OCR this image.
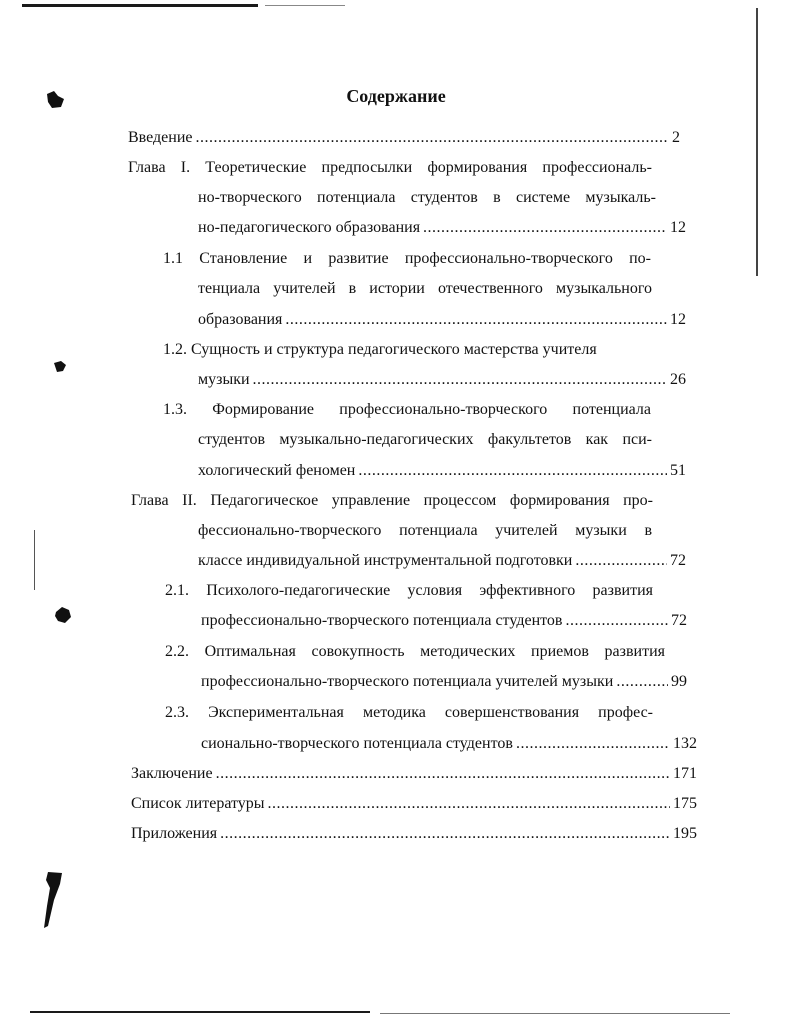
Содержание
Введение .....	2
Глава I. Теоретические предпосылки формирования профессиональ-
но-творческого потенциала студентов в системе музыкаль-
но-педагогического образования .....	12
1.1 Становление и развитие профессионально-творческого по-
тенциала учителей в истории отечественного музыкального
образования .....	12
1.2. Сущность и структура педагогического мастерства учителя
музыки .....	26
1.3. Формирование профессионально-творческого потенциала
студентов музыкально-педагогических факультетов как пси-
хологический феномен .....	51
Глава II. Педагогическое управление процессом формирования про-
фессионально-творческого потенциала учителей музыки в
классе индивидуальной инструментальной подготовки .....	72
2.1. Психолого-педагогические условия эффективного развития
профессионально-творческого потенциала студентов .....	72
2.2. Оптимальная совокупность методических приемов развития
профессионально-творческого потенциала учителей музыки .....	99
2.3. Экспериментальная методика совершенствования профес-
сионально-творческого потенциала студентов .....	132
Заключение .....	171
Список литературы .....	175
Приложения .....	195
